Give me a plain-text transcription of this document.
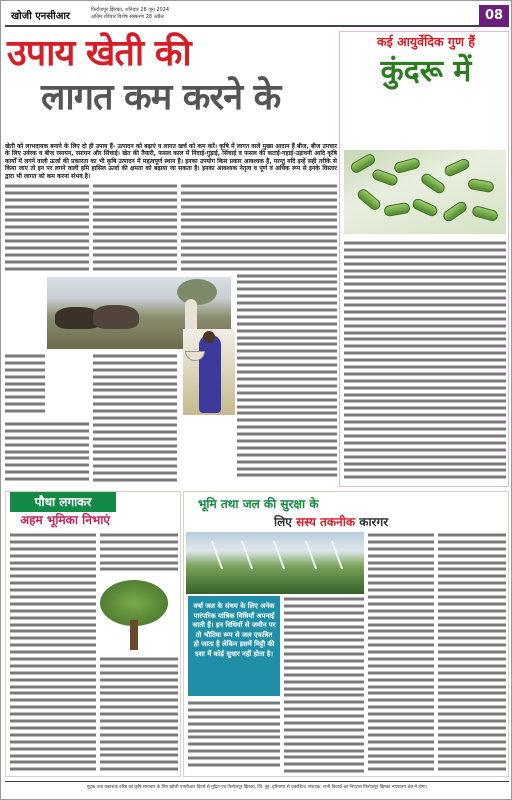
खोजी एनसीआर
फिरोजपुर झिरका, शनिवार 28 जून 2024
अंतिम रविवार विशेष संस्करण 28 अप्रैल	08
उपाय खेती की
लागत कम करने के
खेती को लाभदायक बनाने के लिए दो ही उपाय हैं- उत्पादन को बढ़ाएं व लागत खर्च को कम करें। कृषि में लागत वाले मुख्य आदान हैं बीज, बीज उपचार के लिए उर्वरक व बीज रसायन, रसायन और सिंचाई। खेत की तैयारी, फसल काल में निंदाई-गुड़ाई, सिंचाई व फसल की कटाई-गहाई-उड़ावनी आदि कृषि कार्यों में लगने वाली ऊर्जा की प्रकारता का भी कृषि उत्पादन में महत्वपूर्ण स्थान है। इनका उपयोग किस प्रकार आवश्यक है, परन्तु यदि इन्हें सही तरीके से किया जाए तो इन पर लगने वाली हमि हासिल ऊर्जा की क्षमता को बढ़ाया जा सकता है। इनका आवश्यक नेतृत्व व पूर्ण वं अधिक रूप से इनके विस्तार द्वारा भी लागत को कम करना संभव है।
कई आयुर्वेदिक गुण हैं
कुंदरू में
पौधा लगाकर
अहम भूमिका निभाएं
भूमि तथा जल की सुरक्षा के
लिए सस्य तकनीक कारगर
वर्षा जल के संचय के लिए अनेक पारंपरिक यांत्रिक विधियाँ अपनाई जाती हैं। इन विधियों से जमीन पर तो भौतिक रूप से जल एकत्रित हो जाता है लेकिन इसमें मिट्टी की दशा में कोई सुधार नहीं होता है।
मुद्रक तथा प्रकाशक वरिष्ठ का कृषि समाचार के लिए खोजी एनसीआर प्रिंटर्स से मुद्रित एवं फिरोजपुर झिरका, जि. नूंह, हरियाणा से प्रकाशित। संपादक: सभी विवादों का निपटारा फिरोजपुर झिरका न्यायालय क्षेत्र में होगा।
